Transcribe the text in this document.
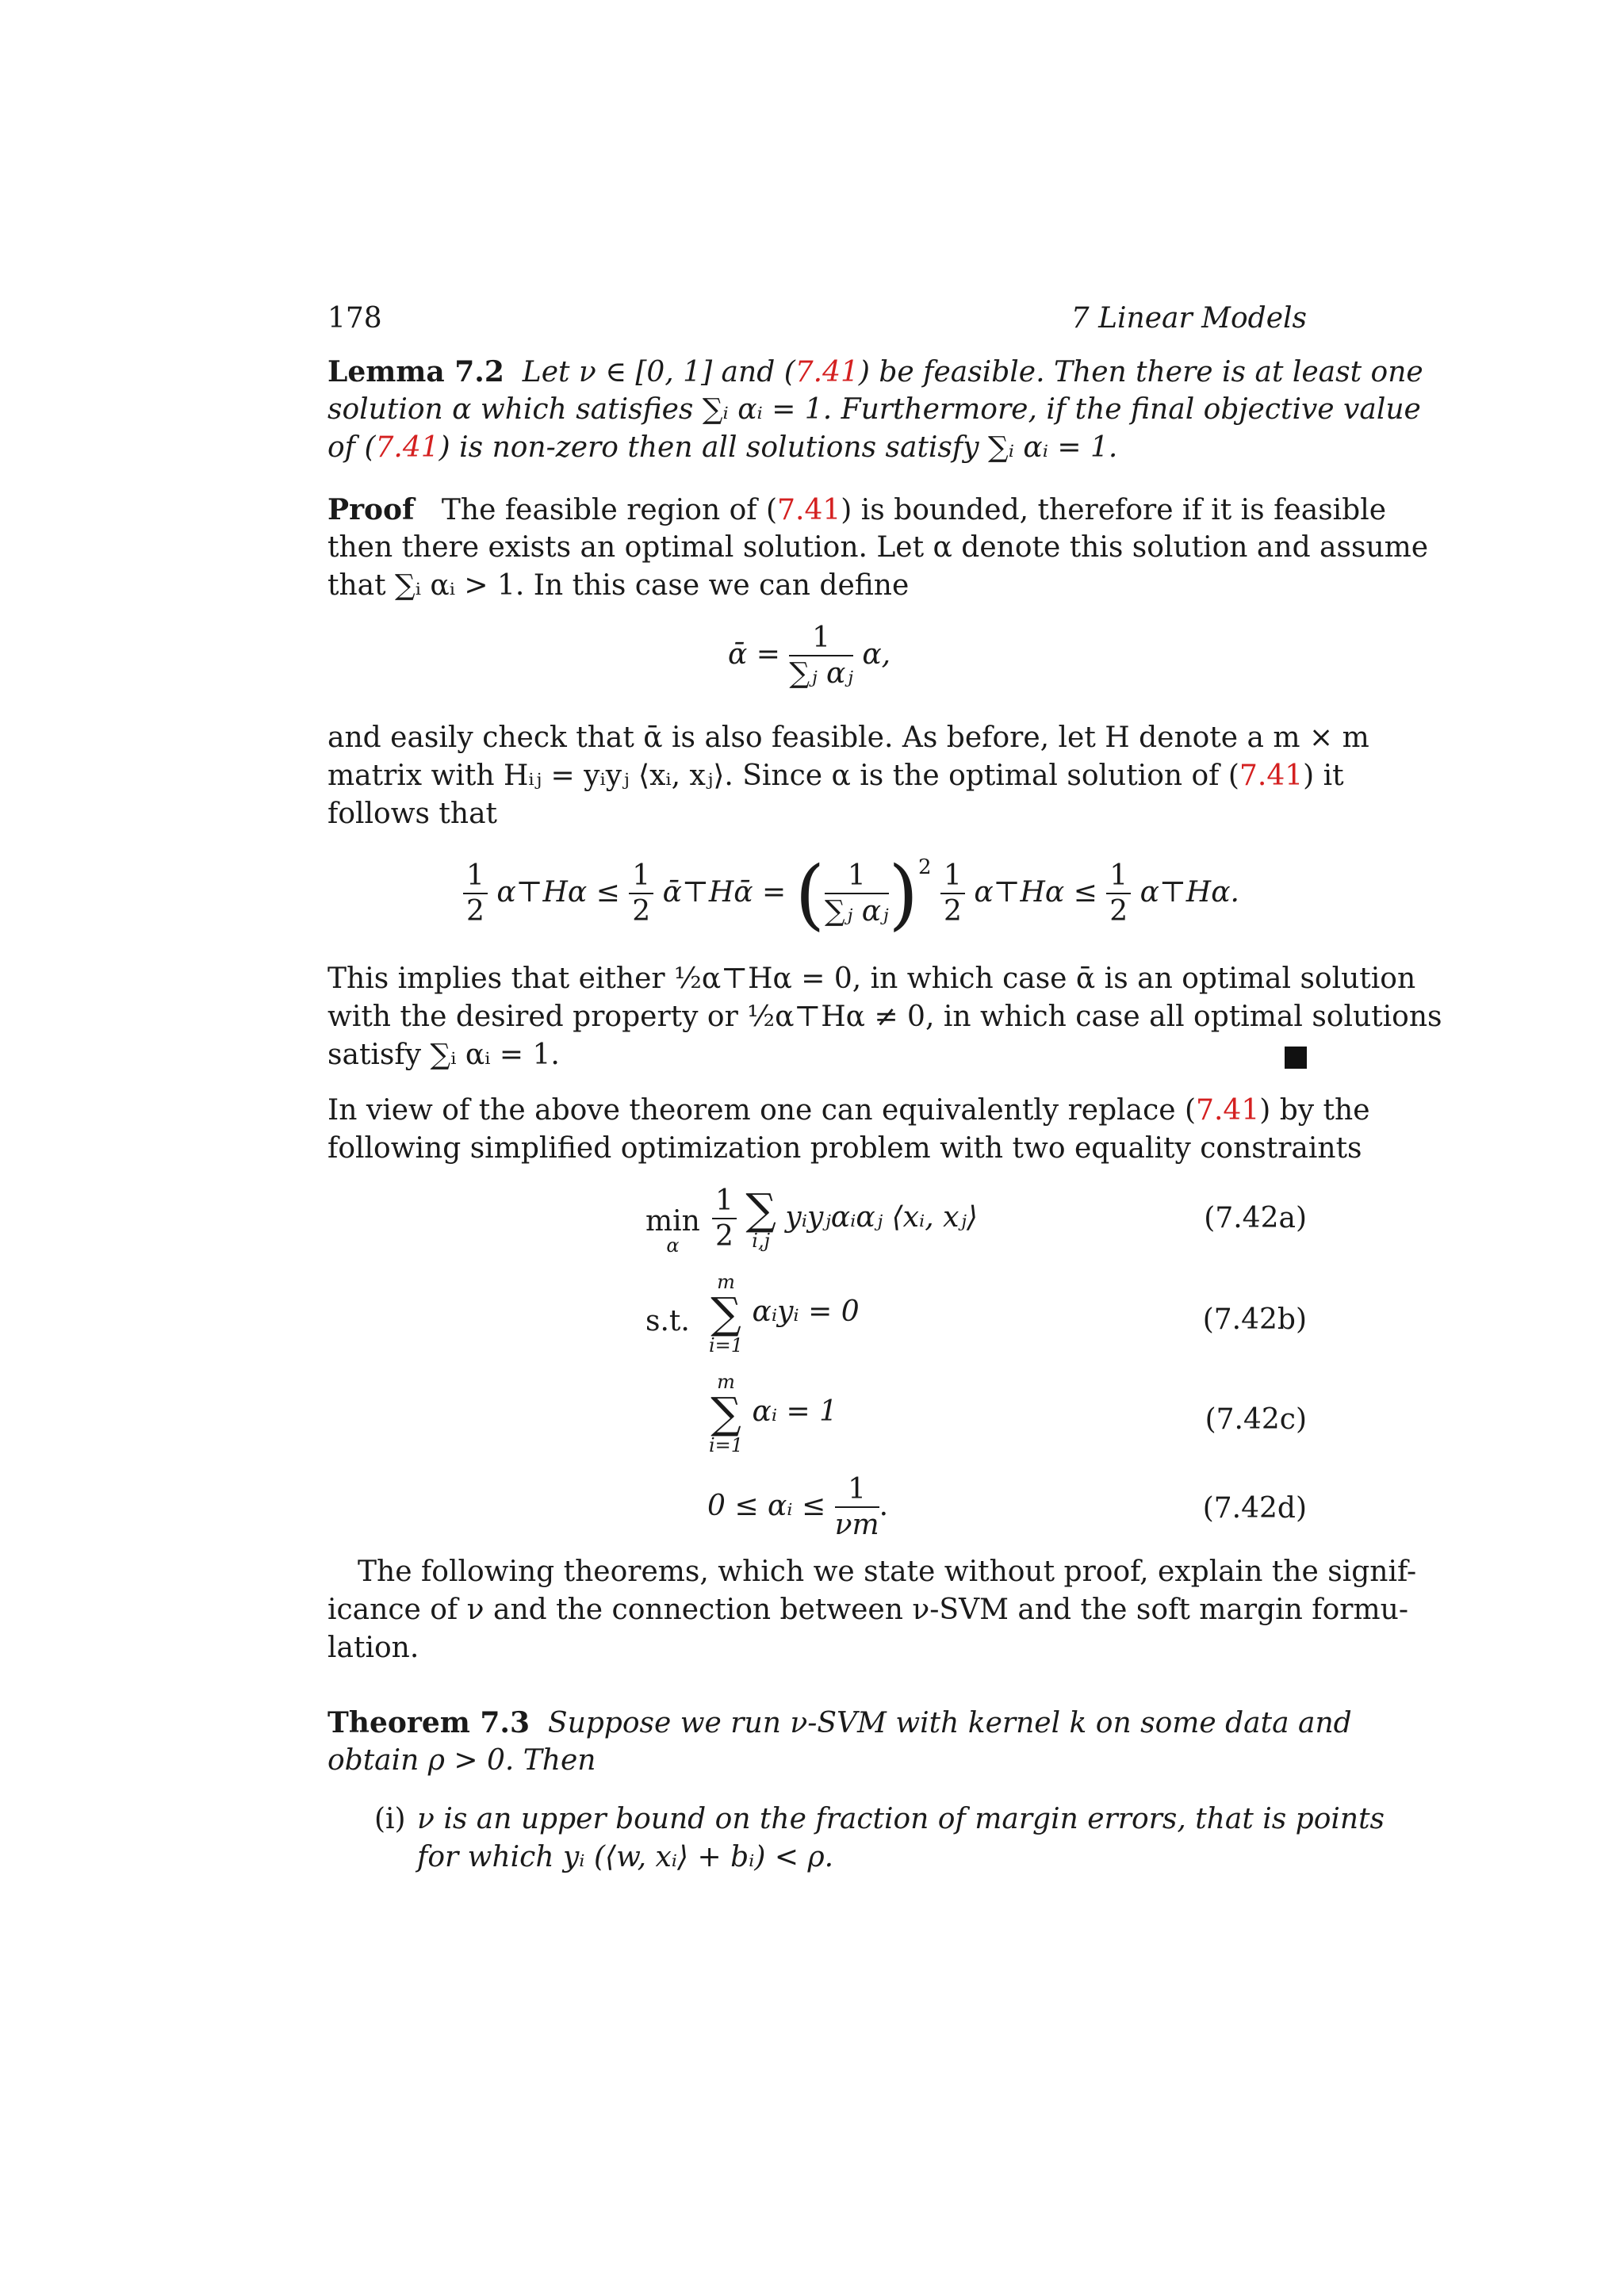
178	7 Linear Models
Lemma 7.2 Let ν ∈ [0, 1] and (7.41) be feasible. Then there is at least one
solution α which satisfies ∑ᵢ αᵢ = 1. Furthermore, if the final objective value
of (7.41) is non-zero then all solutions satisfy ∑ᵢ αᵢ = 1.
Proof The feasible region of (7.41) is bounded, therefore if it is feasible
then there exists an optimal solution. Let α denote this solution and assume
that ∑ᵢ αᵢ > 1. In this case we can define
ᾱ = $\frac{1}{\text{∑ⱼ αⱼ}} \alpha$,
and easily check that ᾱ is also feasible. As before, let H denote a m × m
matrix with Hᵢⱼ = yᵢyⱼ ⟨xᵢ, xⱼ⟩. Since α is the optimal solution of (7.41) it
follows that
$\frac{1}{2}$ α⊤Hα ≤ $\frac{1}{2}$ ᾱ⊤Hᾱ = ( $\frac{1}{\text{∑ⱼ αⱼ}} )^2 \frac{1}{2}$ α⊤Hα ≤ $\frac{1}{2}$ α⊤Hα.
This implies that either ½α⊤Hα = 0, in which case ᾱ is an optimal solution
with the desired property or ½α⊤Hα ≠ 0, in which case all optimal solutions
satisfy ∑ᵢ αᵢ = 1.
In view of the above theorem one can equivalently replace (7.41) by the
following simplified optimization problem with two equality constraints
min
α	$\frac{1}{2}$
∑
i,j
yᵢyⱼαᵢαⱼ ⟨xᵢ, xⱼ⟩	(7.42a)
s.t.
m
∑
i=1
αᵢyᵢ = 0	(7.42b)
m
∑
i=1
αᵢ = 1	(7.42c)
0 ≤ αᵢ ≤ $\frac{1}{\nu m}$ .	(7.42d)
The following theorems, which we state without proof, explain the signif-
icance of ν and the connection between ν-SVM and the soft margin formu-
lation.
Theorem 7.3 Suppose we run ν-SVM with kernel k on some data and
obtain ρ > 0. Then
(i) ν is an upper bound on the fraction of margin errors, that is points
for which yᵢ (⟨w, xᵢ⟩ + bᵢ) < ρ.
